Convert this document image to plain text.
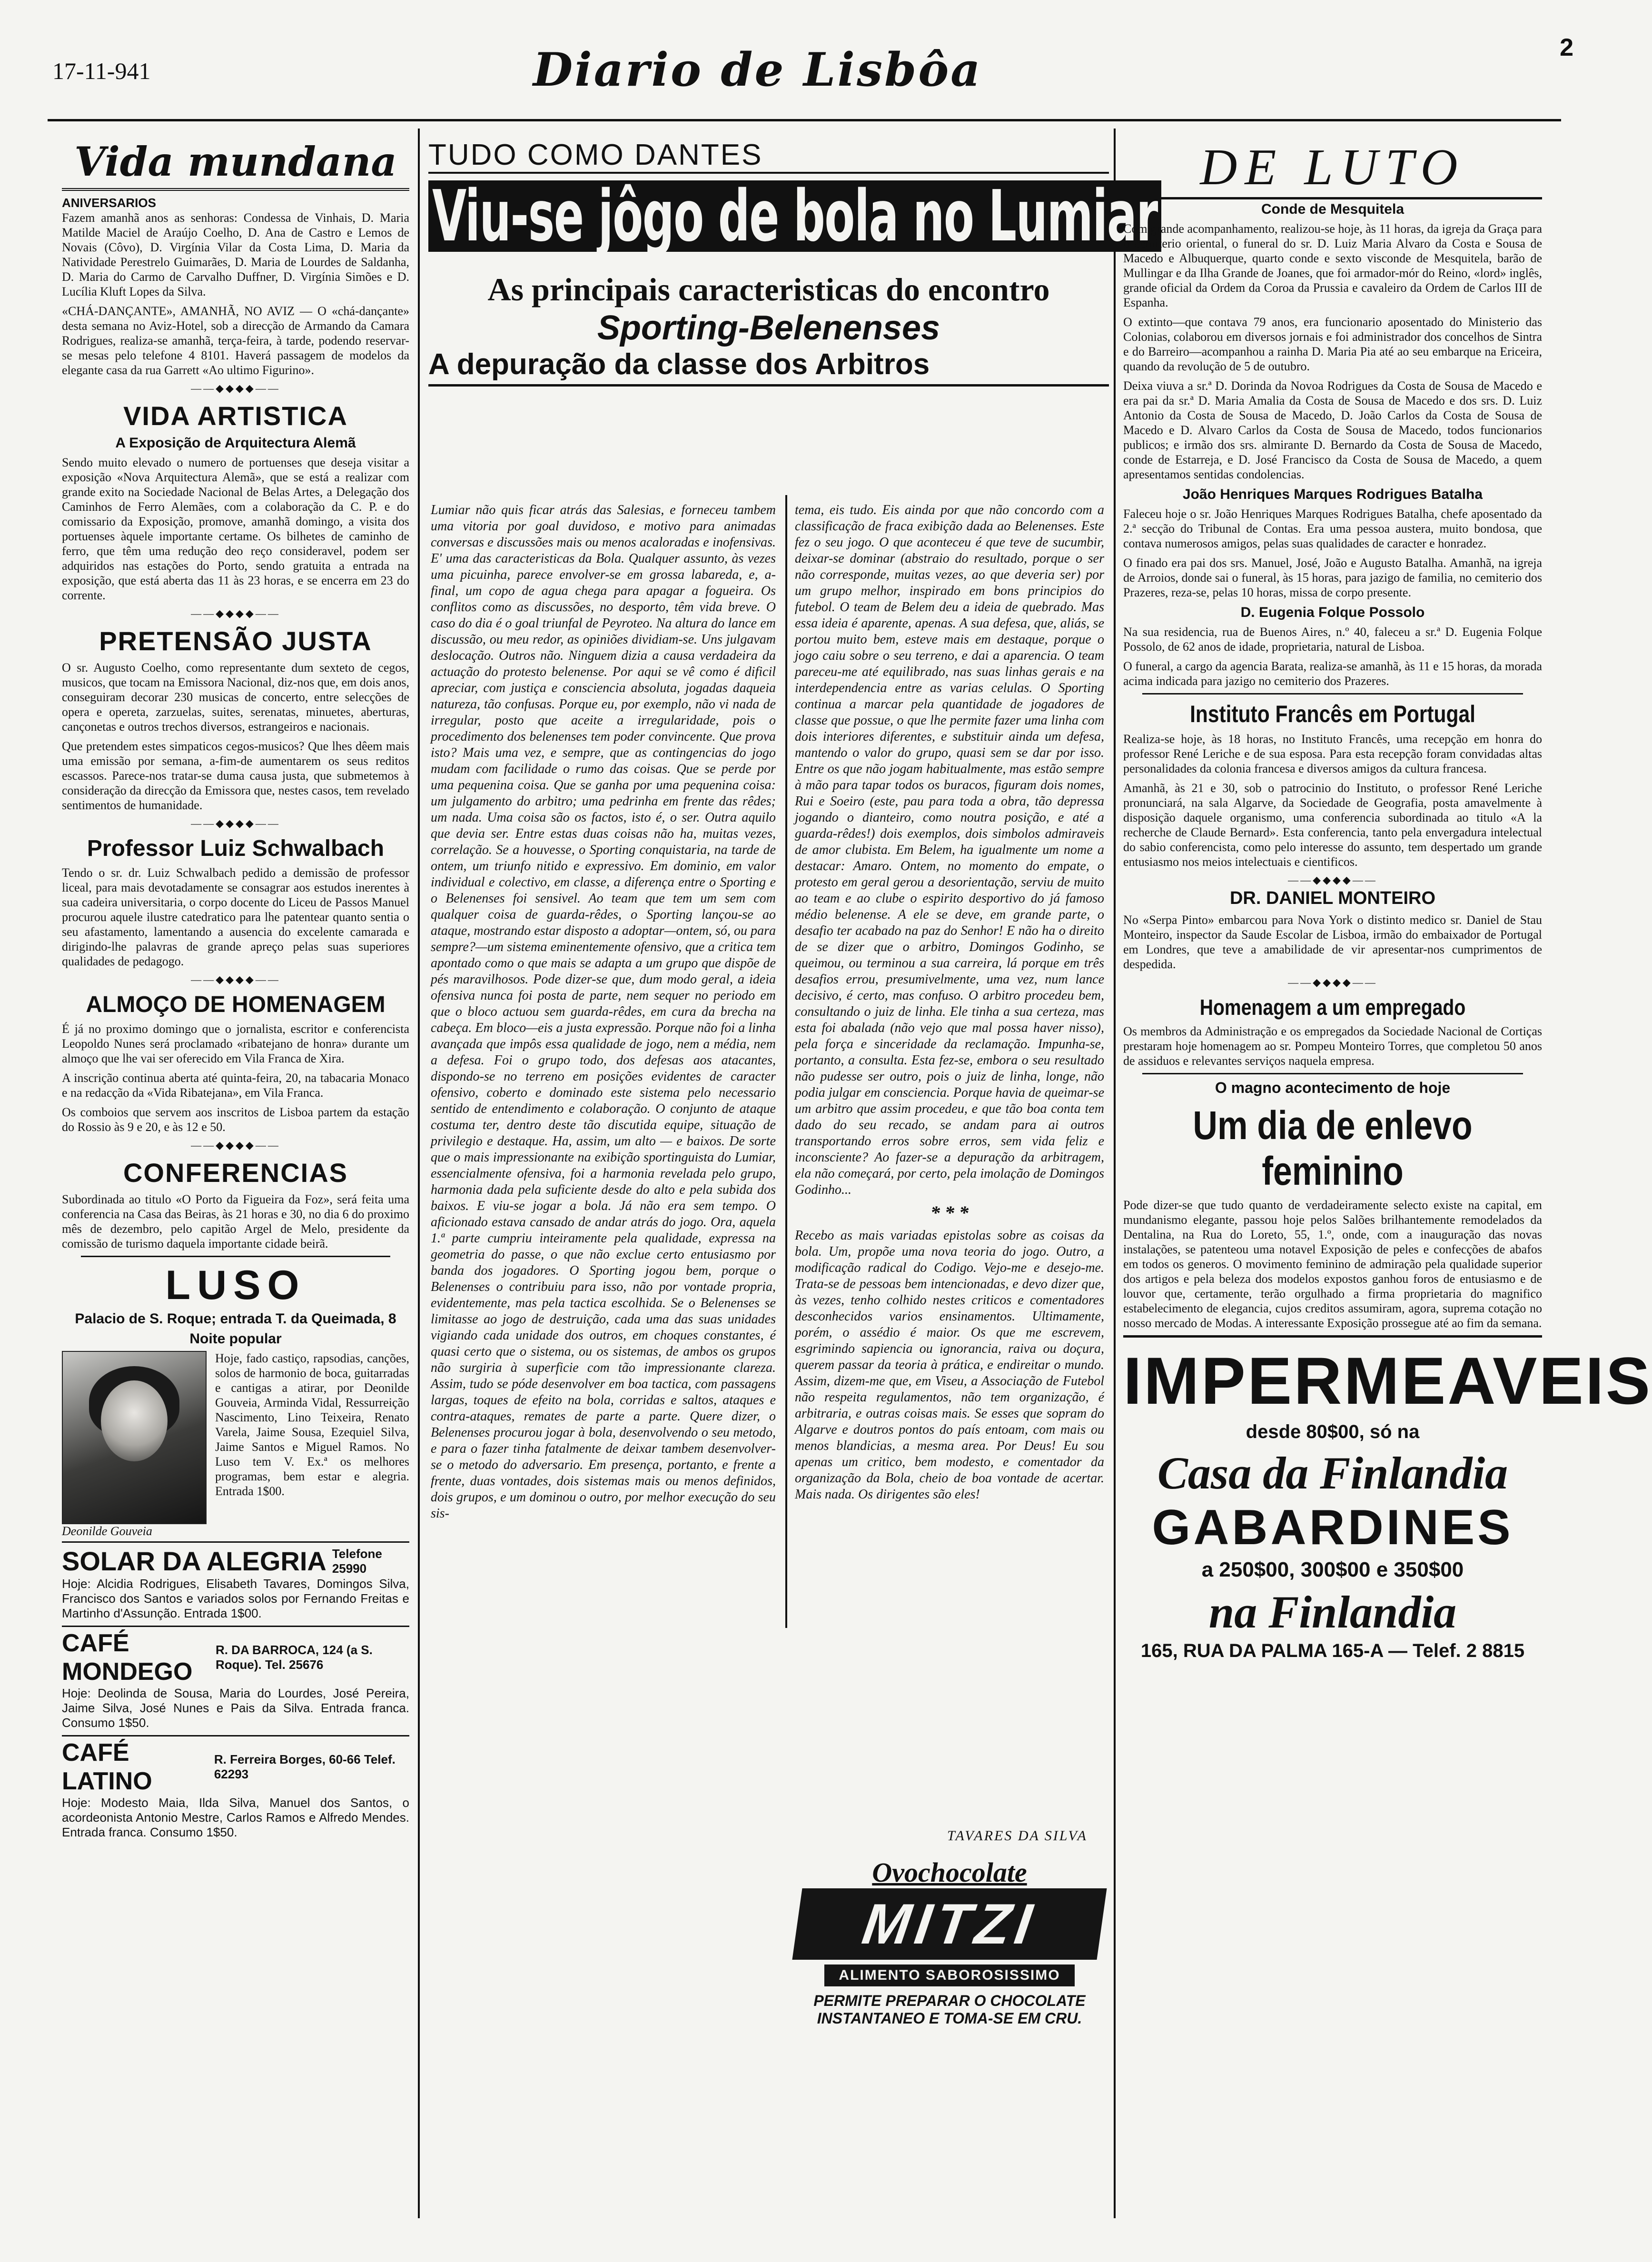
17-11-941	Diario de Lisbôa	2
Vida mundana
ANIVERSARIOS

Fazem amanhã anos as senhoras: Condessa de Vinhais, D. Maria Matilde Maciel de Araújo Coelho, D. Ana de Castro e Lemos de Novais (Côvo), D. Virgínia Vilar da Costa Lima, D. Maria da Natividade Perestrelo Guimarães, D. Maria de Lourdes de Saldanha, D. Maria do Carmo de Carvalho Duffner, D. Virgínia Simões e D. Lucília Kluft Lopes da Silva.

«CHÁ-DANÇANTE», AMANHÃ, NO AVIZ — O «chá-dançante» desta semana no Aviz-Hotel, sob a direcção de Armando da Camara Rodrigues, realiza-se amanhã, terça-feira, à tarde, podendo reservar-se mesas pelo telefone 4 8101. Haverá passagem de modelos da elegante casa da rua Garrett «Ao ultimo Figurino».

——◆◆◆◆——
VIDA ARTISTICA
A Exposição de Arquitectura Alemã

Sendo muito elevado o numero de portuenses que deseja visitar a exposição «Nova Arquitectura Alemã», que se está a realizar com grande exito na Sociedade Nacional de Belas Artes, a Delegação dos Caminhos de Ferro Alemães, com a colaboração da C. P. e do comissario da Exposição, promove, amanhã domingo, a visita dos portuenses àquele importante certame. Os bilhetes de caminho de ferro, que têm uma redução deo reço consideravel, podem ser adquiridos nas estações do Porto, sendo gratuita a entrada na exposição, que está aberta das 11 às 23 horas, e se encerra em 23 do corrente.

——◆◆◆◆——
PRETENSÃO JUSTA

O sr. Augusto Coelho, como representante dum sexteto de cegos, musicos, que tocam na Emissora Nacional, diz-nos que, em dois anos, conseguiram decorar 230 musicas de concerto, entre selecções de opera e opereta, zarzuelas, suites, serenatas, minuetes, aberturas, cançonetas e outros trechos diversos, estrangeiros e nacionais.

Que pretendem estes simpaticos cegos-musicos? Que lhes dêem mais uma emissão por semana, a-fim-de aumentarem os seus reditos escassos. Parece-nos tratar-se duma causa justa, que submetemos à consideração da direcção da Emissora que, nestes casos, tem revelado sentimentos de humanidade.

——◆◆◆◆——
Professor Luiz Schwalbach

Tendo o sr. dr. Luiz Schwalbach pedido a demissão de professor liceal, para mais devotadamente se consagrar aos estudos inerentes à sua cadeira universitaria, o corpo docente do Liceu de Passos Manuel procurou aquele ilustre catedratico para lhe patentear quanto sentia o seu afastamento, lamentando a ausencia do excelente camarada e dirigindo-lhe palavras de grande apreço pelas suas superiores qualidades de pedagogo.

——◆◆◆◆——
ALMOÇO DE HOMENAGEM

É já no proximo domingo que o jornalista, escritor e conferencista Leopoldo Nunes será proclamado «ribatejano de honra» durante um almoço que lhe vai ser oferecido em Vila Franca de Xira.

A inscrição continua aberta até quinta-feira, 20, na tabacaria Monaco e na redacção da «Vida Ribatejana», em Vila Franca.

Os comboios que servem aos inscritos de Lisboa partem da estação do Rossio às 9 e 20, e às 12 e 50.

——◆◆◆◆——
CONFERENCIAS

Subordinada ao titulo «O Porto da Figueira da Foz», será feita uma conferencia na Casa das Beiras, às 21 horas e 30, no dia 6 do proximo mês de dezembro, pelo capitão Argel de Melo, presidente da comissão de turismo daquela importante cidade beirã.

LUSO
Palacio de S. Roque; entrada T. da Queimada, 8
Noite popular
Deonilde Gouveia

Hoje, fado castiço, rapsodias, canções, solos de harmonio de boca, guitarradas e cantigas a atirar, por Deonilde Gouveia, Arminda Vidal, Ressurreição Nascimento, Lino Teixeira, Renato Varela, Jaime Sousa, Ezequiel Silva, Jaime Santos e Miguel Ramos. No Luso tem V. Ex.ª os melhores programas, bem estar e alegria. Entrada 1$00.

SOLAR DA ALEGRIA Telefone 25990

Hoje: Alcidia Rodrigues, Elisabeth Tavares, Domingos Silva, Francisco dos Santos e variados solos por Fernando Freitas e Martinho d'Assunção. Entrada 1$00.

CAFÉ MONDEGO
R. DA BARROCA, 124 (a S. Roque). Tel. 25676

Hoje: Deolinda de Sousa, Maria do Lourdes, José Pereira, Jaime Silva, José Nunes e Pais da Silva. Entrada franca. Consumo 1$50.

CAFÉ LATINO
R. Ferreira Borges, 60-66 Telef. 62293

Hoje: Modesto Maia, Ilda Silva, Manuel dos Santos, o acordeonista Antonio Mestre, Carlos Ramos e Alfredo Mendes. Entrada franca. Consumo 1$50.

TUDO COMO DANTES
Viu-se jôgo de bola no Lumiar
As principais caracteristicas do encontro
Sporting-Belenenses
A depuração da classe dos Arbitros

Lumiar não quis ficar atrás das Salesias, e forneceu tambem uma vitoria por goal duvidoso, e motivo para animadas conversas e discussões mais ou menos acaloradas e inofensivas. E' uma das caracteristicas da Bola. Qualquer assunto, às vezes uma picuinha, parece envolver-se em grossa labareda, e, a-final, um copo de agua chega para apagar a fogueira. Os conflitos como as discussões, no desporto, têm vida breve. O caso do dia é o goal triunfal de Peyroteo. Na altura do lance em discussão, ou meu redor, as opiniões dividiam-se. Uns julgavam deslocação. Outros não. Ninguem dizia a causa verdadeira da actuação do protesto belenense. Por aqui se vê como é dificil apreciar, com justiça e consciencia absoluta, jogadas daqueia natureza, tão confusas. Porque eu, por exemplo, não vi nada de irregular, posto que aceite a irregularidade, pois o procedimento dos belenenses tem poder convincente. Que prova isto? Mais uma vez, e sempre, que as contingencias do jogo mudam com facilidade o rumo das coisas. Que se perde por uma pequenina coisa. Que se ganha por uma pequenina coisa: um julgamento do arbitro; uma pedrinha em frente das rêdes; um nada. Uma coisa são os factos, isto é, o ser. Outra aquilo que devia ser. Entre estas duas coisas não ha, muitas vezes, correlação. Se a houvesse, o Sporting conquistaria, na tarde de ontem, um triunfo nitido e expressivo. Em dominio, em valor individual e colectivo, em classe, a diferença entre o Sporting e o Belenenses foi sensivel. Ao team que tem um sem com qualquer coisa de guarda-rêdes, o Sporting lançou-se ao ataque, mostrando estar disposto a adoptar—ontem, só, ou para sempre?—um sistema eminentemente ofensivo, que a critica tem apontado como o que mais se adapta a um grupo que dispõe de pés maravilhosos. Pode dizer-se que, dum modo geral, a ideia ofensiva nunca foi posta de parte, nem sequer no periodo em que o bloco actuou sem guarda-rêdes, em cura da brecha na cabeça. Em bloco—eis a justa expressão. Porque não foi a linha avançada que impôs essa qualidade de jogo, nem a média, nem a defesa. Foi o grupo todo, dos defesas aos atacantes, dispondo-se no terreno em posições evidentes de caracter ofensivo, coberto e dominado este sistema pelo necessario sentido de entendimento e colaboração. O conjunto de ataque costuma ter, dentro deste tão discutida equipe, situação de privilegio e destaque. Ha, assim, um alto — e baixos. De sorte que o mais impressionante na exibição sportinguista do Lumiar, essencialmente ofensiva, foi a harmonia revelada pelo grupo, harmonia dada pela suficiente desde do alto e pela subida dos baixos. E viu-se jogar a bola. Já não era sem tempo. O aficionado estava cansado de andar atrás do jogo. Ora, aquela 1.ª parte cumpriu inteiramente pela qualidade, expressa na geometria do passe, o que não exclue certo entusiasmo por banda dos jogadores. O Sporting jogou bem, porque o Belenenses o contribuiu para isso, não por vontade propria, evidentemente, mas pela tactica escolhida. Se o Belenenses se limitasse ao jogo de destruição, cada uma das suas unidades vigiando cada unidade dos outros, em choques constantes, é quasi certo que o sistema, ou os sistemas, de ambos os grupos não surgiria à superficie com tão impressionante clareza. Assim, tudo se póde desenvolver em boa tactica, com passagens largas, toques de efeito na bola, corridas e saltos, ataques e contra-ataques, remates de parte a parte. Quere dizer, o Belenenses procurou jogar à bola, desenvolvendo o seu metodo, e para o fazer tinha fatalmente de deixar tambem desenvolver-se o metodo do adversario. Em presença, portanto, e frente a frente, duas vontades, dois sistemas mais ou menos definidos, dois grupos, e um dominou o outro, por melhor execução do seu sis-

tema, eis tudo. Eis ainda por que não concordo com a classificação de fraca exibição dada ao Belenenses. Este fez o seu jogo. O que aconteceu é que teve de sucumbir, deixar-se dominar (abstraio do resultado, porque o ser não corresponde, muitas vezes, ao que deveria ser) por um grupo melhor, inspirado em bons principios do futebol. O team de Belem deu a ideia de quebrado. Mas essa ideia é aparente, apenas. A sua defesa, que, aliás, se portou muito bem, esteve mais em destaque, porque o jogo caiu sobre o seu terreno, e dai a aparencia. O team pareceu-me até equilibrado, nas suas linhas gerais e na interdependencia entre as varias celulas. O Sporting continua a marcar pela quantidade de jogadores de classe que possue, o que lhe permite fazer uma linha com dois interiores diferentes, e substituir ainda um defesa, mantendo o valor do grupo, quasi sem se dar por isso. Entre os que não jogam habitualmente, mas estão sempre à mão para tapar todos os buracos, figuram dois nomes, Rui e Soeiro (este, pau para toda a obra, tão depressa jogando o dianteiro, como noutra posição, e até a guarda-rêdes!) dois exemplos, dois simbolos admiraveis de amor clubista. Em Belem, ha igualmente um nome a destacar: Amaro. Ontem, no momento do empate, o protesto em geral gerou a desorientação, serviu de muito ao team e ao clube o espirito desportivo do já famoso médio belenense. A ele se deve, em grande parte, o desafio ter acabado na paz do Senhor! E não ha o direito de se dizer que o arbitro, Domingos Godinho, se queimou, ou terminou a sua carreira, lá porque em três desafios errou, presumivelmente, uma vez, num lance decisivo, é certo, mas confuso. O arbitro procedeu bem, consultando o juiz de linha. Ele tinha a sua certeza, mas esta foi abalada (não vejo que mal possa haver nisso), pela força e sinceridade da reclamação. Impunha-se, portanto, a consulta. Esta fez-se, embora o seu resultado não pudesse ser outro, pois o juiz de linha, longe, não podia julgar em consciencia. Porque havia de queimar-se um arbitro que assim procedeu, e que tão boa conta tem dado do seu recado, se andam para ai outros transportando erros sobre erros, sem vida feliz e inconsciente? Ao fazer-se a depuração da arbitragem, ela não começará, por certo, pela imolação de Domingos Godinho...

* * *

Recebo as mais variadas epistolas sobre as coisas da bola. Um, propõe uma nova teoria do jogo. Outro, a modificação radical do Codigo. Vejo-me e desejo-me. Trata-se de pessoas bem intencionadas, e devo dizer que, às vezes, tenho colhido nestes criticos e comentadores desconhecidos varios ensinamentos. Ultimamente, porém, o assédio é maior. Os que me escrevem, esgrimindo sapiencia ou ignorancia, raiva ou doçura, querem passar da teoria à prática, e endireitar o mundo. Assim, dizem-me que, em Viseu, a Associação de Futebol não respeita regulamentos, não tem organização, é arbitraria, e outras coisas mais. Se esses que sopram do Algarve e doutros pontos do país entoam, com mais ou menos blandicias, a mesma area. Por Deus! Eu sou apenas um critico, bem modesto, e comentador da organização da Bola, cheio de boa vontade de acertar. Mais nada. Os dirigentes são eles!

Ovochocolate
MITZI
ALIMENTO SABOROSISSIMO
PERMITE PREPARAR O CHOCOLATE
INSTANTANEO E TOMA-SE EM CRU.
DE LUTO
Conde de Mesquitela

Com grande acompanhamento, realizou-se hoje, às 11 horas, da igreja da Graça para o cemiterio oriental, o funeral do sr. D. Luiz Maria Alvaro da Costa e Sousa de Macedo e Albuquerque, quarto conde e sexto visconde de Mesquitela, barão de Mullingar e da Ilha Grande de Joanes, que foi armador-mór do Reino, «lord» inglês, grande oficial da Ordem da Coroa da Prussia e cavaleiro da Ordem de Carlos III de Espanha.

O extinto—que contava 79 anos, era funcionario aposentado do Ministerio das Colonias, colaborou em diversos jornais e foi administrador dos concelhos de Sintra e do Barreiro—acompanhou a rainha D. Maria Pia até ao seu embarque na Ericeira, quando da revolução de 5 de outubro.

Deixa viuva a sr.ª D. Dorinda da Novoa Rodrigues da Costa de Sousa de Macedo e era pai da sr.ª D. Maria Amalia da Costa de Sousa de Macedo e dos srs. D. Luiz Antonio da Costa de Sousa de Macedo, D. João Carlos da Costa de Sousa de Macedo e D. Alvaro Carlos da Costa de Sousa de Macedo, todos funcionarios publicos; e irmão dos srs. almirante D. Bernardo da Costa de Sousa de Macedo, conde de Estarreja, e D. José Francisco da Costa de Sousa de Macedo, a quem apresentamos sentidas condolencias.

João Henriques Marques Rodrigues Batalha

Faleceu hoje o sr. João Henriques Marques Rodrigues Batalha, chefe aposentado da 2.ª secção do Tribunal de Contas. Era uma pessoa austera, muito bondosa, que contava numerosos amigos, pelas suas qualidades de caracter e honradez.

O finado era pai dos srs. Manuel, José, João e Augusto Batalha. Amanhã, na igreja de Arroios, donde sai o funeral, às 15 horas, para jazigo de familia, no cemiterio dos Prazeres, reza-se, pelas 10 horas, missa de corpo presente.

D. Eugenia Folque Possolo

Na sua residencia, rua de Buenos Aires, n.º 40, faleceu a sr.ª D. Eugenia Folque Possolo, de 62 anos de idade, proprietaria, natural de Lisboa.

O funeral, a cargo da agencia Barata, realiza-se amanhã, às 11 e 15 horas, da morada acima indicada para jazigo no cemiterio dos Prazeres.

Instituto Francês em Portugal

Realiza-se hoje, às 18 horas, no Instituto Francês, uma recepção em honra do professor René Leriche e de sua esposa. Para esta recepção foram convidadas altas personalidades da colonia francesa e diversos amigos da cultura francesa.

Amanhã, às 21 e 30, sob o patrocinio do Instituto, o professor René Leriche pronunciará, na sala Algarve, da Sociedade de Geografia, posta amavelmente à disposição daquele organismo, uma conferencia subordinada ao titulo «A la recherche de Claude Bernard». Esta conferencia, tanto pela envergadura intelectual do sabio conferencista, como pelo interesse do assunto, tem despertado um grande entusiasmo nos meios intelectuais e cientificos.

——◆◆◆◆——
DR. DANIEL MONTEIRO

No «Serpa Pinto» embarcou para Nova York o distinto medico sr. Daniel de Stau Monteiro, inspector da Saude Escolar de Lisboa, irmão do embaixador de Portugal em Londres, que teve a amabilidade de vir apresentar-nos cumprimentos de despedida.

——◆◆◆◆——
Homenagem a um empregado

Os membros da Administração e os empregados da Sociedade Nacional de Cortiças prestaram hoje homenagem ao sr. Pompeu Monteiro Torres, que completou 50 anos de assiduos e relevantes serviços naquela empresa.

O magno acontecimento de hoje
Um dia de enlevo feminino

Pode dizer-se que tudo quanto de verdadeiramente selecto existe na capital, em mundanismo elegante, passou hoje pelos Salões brilhantemente remodelados da Dentalina, na Rua do Loreto, 55, 1.º, onde, com a inauguração das novas instalações, se patenteou uma notavel Exposição de peles e confecções de abafos em todos os generos. O movimento feminino de admiração pela qualidade superior dos artigos e pela beleza dos modelos expostos ganhou foros de entusiasmo e de louvor que, certamente, terão orgulhado a firma proprietaria do magnifico estabelecimento de elegancia, cujos creditos assumiram, agora, suprema cotação no nosso mercado de Modas. A interessante Exposição prossegue até ao fim da semana.

IMPERMEAVEIS
desde 80$00, só na
Casa da Finlandia
GABARDINES
a 250$00, 300$00 e 350$00
na Finlandia
165, RUA DA PALMA 165-A — Telef. 2 8815
TAVARES DA SILVA
